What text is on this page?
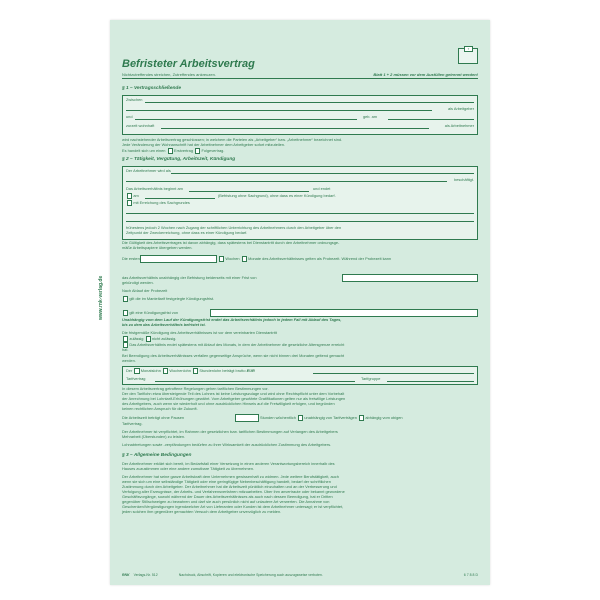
www.rnk-verlag.de
7
Befristeter Arbeitsvertrag
Nichtzutreffendes streichen, Zutreffendes ankreuzen.	Blatt 1 + 2 müssen vor dem Ausfüllen getrennt werden!
§ 1 – Vertragsschließende
Zwischen
als Arbeitgeber
und	geb. am
zurzeit wohnhaft	als Arbeitnehmer
wird nachstehender Arbeitsvertrag geschlossen; in welchem die Parteien als „Arbeitgeber“ bzw. „Arbeitnehmer“ bezeichnet sind.
Jede Veränderung der Wohnanschrift hat der Arbeitnehmer dem Arbeitgeber sofort mitzuteilen.
Es handelt sich um einen Erstvertrag Folgevertrag.
§ 2 – Tätigkeit, Vergütung, Arbeitszeit, Kündigung
Der Arbeitnehmer wird als
beschäftigt.
Das Arbeitsverhältnis beginnt am	und endet
am	(Befristung ohne Sachgrund), ohne dass es einer Kündigung bedarf.
mit Erreichung des Sachgrundes
frühestens jedoch 2 Wochen nach Zugang der schriftlichen Unterrichtung des Arbeitnehmers durch den Arbeitgeber über den
Zeitpunkt der Zweckerreichung, ohne dass es einer Kündigung bedarf.
Die Gültigkeit des Arbeitsvertrages ist davon abhängig, dass spätestens bei Dienstantritt durch den Arbeitnehmer ordnungsge-
mäße Arbeitspapiere übergeben werden.
Die ersten	Wochen Monate des Arbeitsverhältnisses gelten als Probezeit. Während der Probezeit kann
das Arbeitsverhältnis unabhängig der Befristung beiderseits mit einer Frist von
gekündigt werden.
Nach Ablauf der Probezeit
gilt die im Manteltarif festgelegte Kündigungsfrist.
gilt eine Kündigungsfrist von
Unabhängig vom dem Lauf der Kündigungsfrist endet das Arbeitsverhältnis jedoch in jedem Fall mit Ablauf des Tages,
bis zu dem das Arbeitsverhältnis befristet ist.
Die fristgemäße Kündigung des Arbeitsverhältnisses ist vor dem vereinbarten Dienstantritt
zulässig nicht zulässig.
Das Arbeitsverhältnis endet spätestens mit Ablauf des Monats, in dem der Arbeitnehmer die gesetzliche Altersgrenze erreicht
hat.
Bei Beendigung des Arbeitsverhältnisses verfallen gegenseitige Ansprüche, wenn sie nicht binnen drei Monaten geltend gemacht
werden.
Der Monatslohn Wochenlohn Stundenlohn beträgt brutto EUR
Tarifvertrag	Tarifgruppe
In diesem Arbeitsvertrag getroffene Regelungen gehen tariflichen Bestimmungen vor.
Der den Tariflohn etwa übersteigende Teil des Lohnes ist keine Leistungszulage und wird ohne Rechtspflicht unter dem Vorbehalt
der Anrechnung bei Lohntarif-Erhöhungen gewährt. Vom Arbeitgeber gewährte Gratifikationen gelten nur als freiwillige Leistungen
des Arbeitgebers, auch wenn sie wiederholt und ohne ausdrücklichen Hinweis auf die Freiwilligkeit erfolgen, und begründen
keinen rechtlichen Anspruch für die Zukunft.
Die Arbeitszeit beträgt ohne Pausen	Stunden wöchentlich unabhängig von Tarifverträgen abhängig vom obigen
Tarifvertrag.
Der Arbeitnehmer ist verpflichtet, im Rahmen der gesetzlichen bzw. tariflichen Bestimmungen auf Verlangen des Arbeitgebers
Mehrarbeit (Überstunden) zu leisten.
Lohnabtretungen sowie -verpfändungen bedürfen zu ihrer Wirksamkeit der ausdrücklichen Zustimmung des Arbeitgebers.
§ 3 – Allgemeine Bedingungen
Der Arbeitnehmer erklärt sich bereit, im Bedarfsfall einer Versetzung in einen anderen Verantwortungsbereich innerhalb des
Hauses zuzustimmen oder eine andere zumutbare Tätigkeit zu übernehmen.
Der Arbeitnehmer hat seine ganze Arbeitskraft dem Unternehmen gewissenhaft zu widmen. Jede weitere Berufstätigkeit, auch
wenn sie sich um eine selbständige Tätigkeit oder eine geringfügige Nebenbeschäftigung handelt, bedarf der schriftlichen
Zustimmung durch den Arbeitgeber. Der Arbeitnehmer hat die Arbeitszeit pünktlich einzuhalten und an der Verbesserung und
Verfolgung aller Erzeugnisse, der Arbeits- und Verfahrensverfahren mitzuarbeiten. Über ihm anvertraute oder bekannt gewordene
Geschäftsvorgänge, sowohl während der Dauer des Arbeitsverhältnisses als auch nach dessen Beendigung, hat er Dritten
gegenüber Stillschweigen zu bewahren und darf sie auch persönlich nicht auf unlautere Art verwerten. Die Annahme von
Geschenken/Vergünstigungen irgendwelcher Art von Lieferanten oder Kunden ist dem Arbeitnehmer untersagt; er ist verpflichtet,
jeden solchen ihm gegenüber gemachten Versuch dem Arbeitgeber unverzüglich zu melden.
RNK Verlags-Nr. 512	Nachdruck, Abschrift, Kopieren und elektronische Speicherung auch auszugsweise verboten.	6 7 8 8 D
